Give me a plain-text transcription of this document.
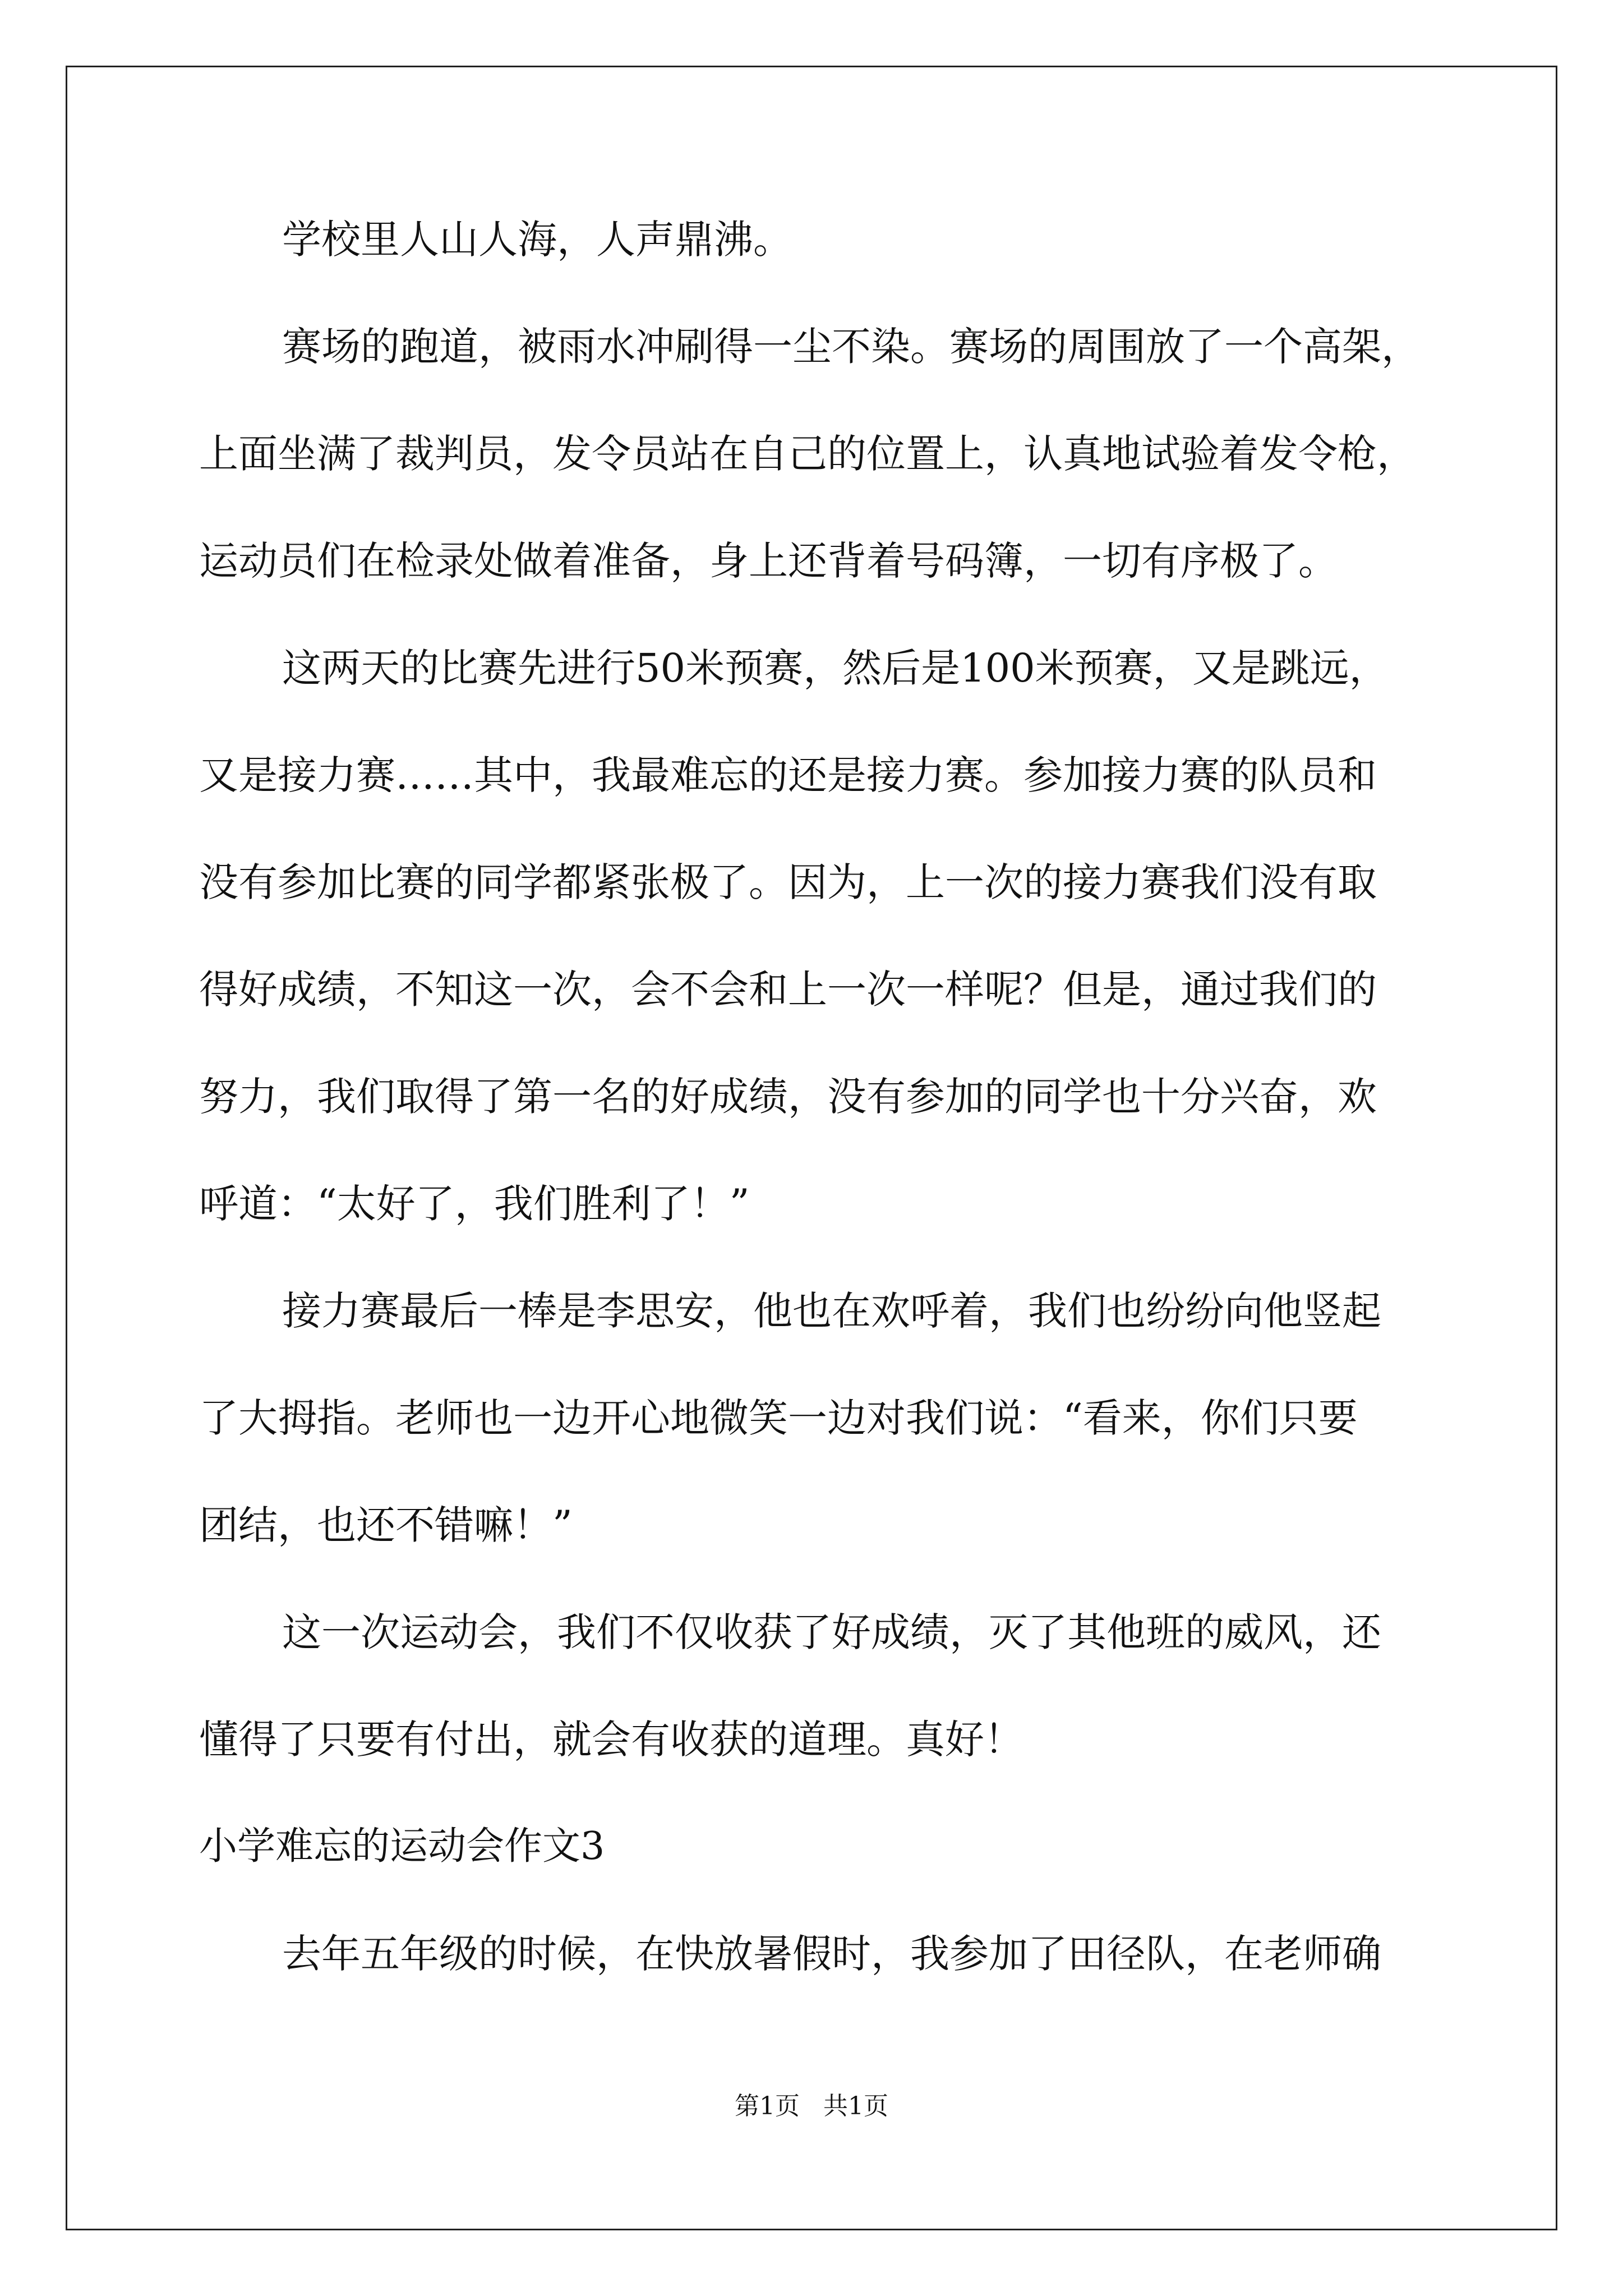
学校里人山人海，人声鼎沸。
赛场的跑道，被雨水冲刷得一尘不染。赛场的周围放了一个高架，
上面坐满了裁判员，发令员站在自己的位置上，认真地试验着发令枪，
运动员们在检录处做着准备，身上还背着号码簿，一切有序极了。
这两天的比赛先进行50米预赛，然后是100米预赛，又是跳远，
又是接力赛……其中，我最难忘的还是接力赛。参加接力赛的队员和
没有参加比赛的同学都紧张极了。因为，上一次的接力赛我们没有取
得好成绩，不知这一次，会不会和上一次一样呢？但是，通过我们的
努力，我们取得了第一名的好成绩，没有参加的同学也十分兴奋，欢
呼道：“太好了，我们胜利了！”
接力赛最后一棒是李思安，他也在欢呼着，我们也纷纷向他竖起
了大拇指。老师也一边开心地微笑一边对我们说：“看来，你们只要
团结，也还不错嘛！”
这一次运动会，我们不仅收获了好成绩，灭了其他班的威风，还
懂得了只要有付出，就会有收获的道理。真好！
小学难忘的运动会作文3
去年五年级的时候，在快放暑假时，我参加了田径队，在老师确
第1页   共1页
